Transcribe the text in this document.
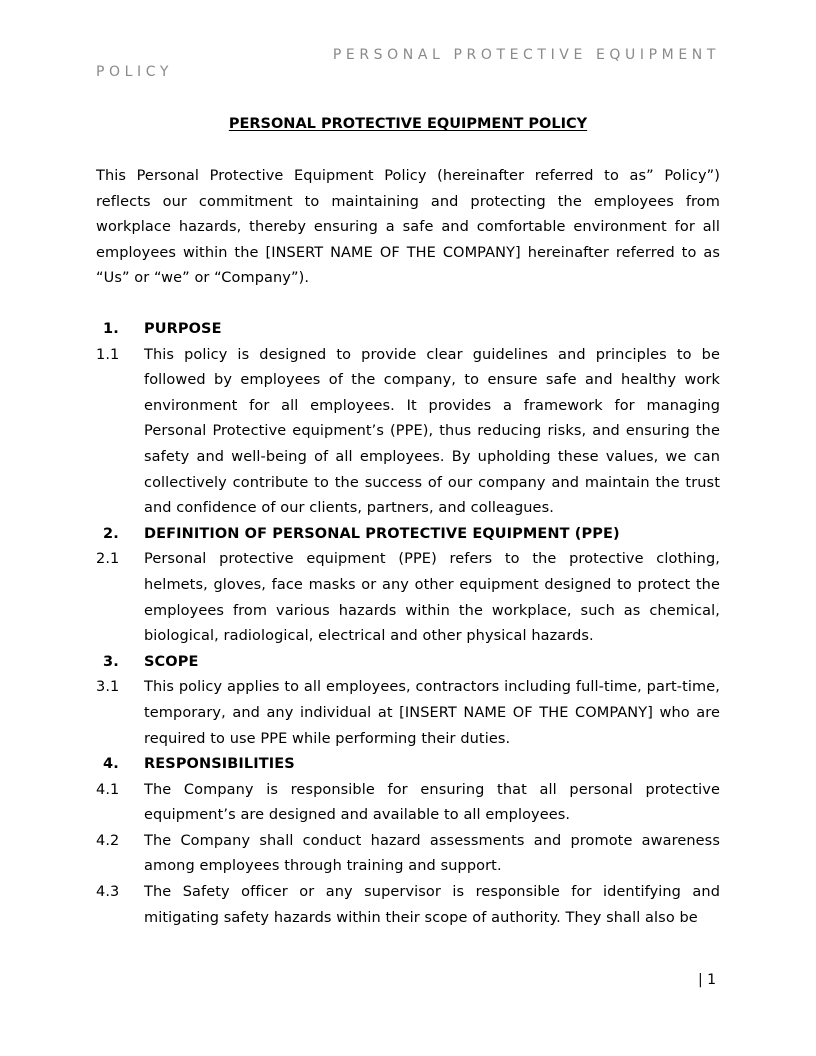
PERSONAL PROTECTIVE EQUIPMENT
POLICY

PERSONAL PROTECTIVE EQUIPMENT POLICY

This Personal Protective Equipment Policy (hereinafter referred to as” Policy”) reflects our commitment to maintaining and protecting the employees from workplace hazards, thereby ensuring a safe and comfortable environment for all employees within the [INSERT NAME OF THE COMPANY] hereinafter referred to as “Us” or “we” or “Company”).

1.	PURPOSE
1.1	This policy is designed to provide clear guidelines and principles to be followed by employees of the company, to ensure safe and healthy work environment for all employees. It provides a framework for managing Personal Protective equipment’s (PPE), thus reducing risks, and ensuring the safety and well-being of all employees. By upholding these values, we can collectively contribute to the success of our company and maintain the trust and confidence of our clients, partners, and colleagues.
2.	DEFINITION OF PERSONAL PROTECTIVE EQUIPMENT (PPE)
2.1	Personal protective equipment (PPE) refers to the protective clothing, helmets, gloves, face masks or any other equipment designed to protect the employees from various hazards within the workplace, such as chemical, biological, radiological, electrical and other physical hazards.
3.	SCOPE
3.1	This policy applies to all employees, contractors including full-time, part-time, temporary, and any individual at [INSERT NAME OF THE COMPANY] who are required to use PPE while performing their duties.
4.	RESPONSIBILITIES
4.1	The Company is responsible for ensuring that all personal protective equipment’s are designed and available to all employees.
4.2	The Company shall conduct hazard assessments and promote awareness among employees through training and support.
4.3	The Safety officer or any supervisor is responsible for identifying and mitigating safety hazards within their scope of authority. They shall also be

| 1
